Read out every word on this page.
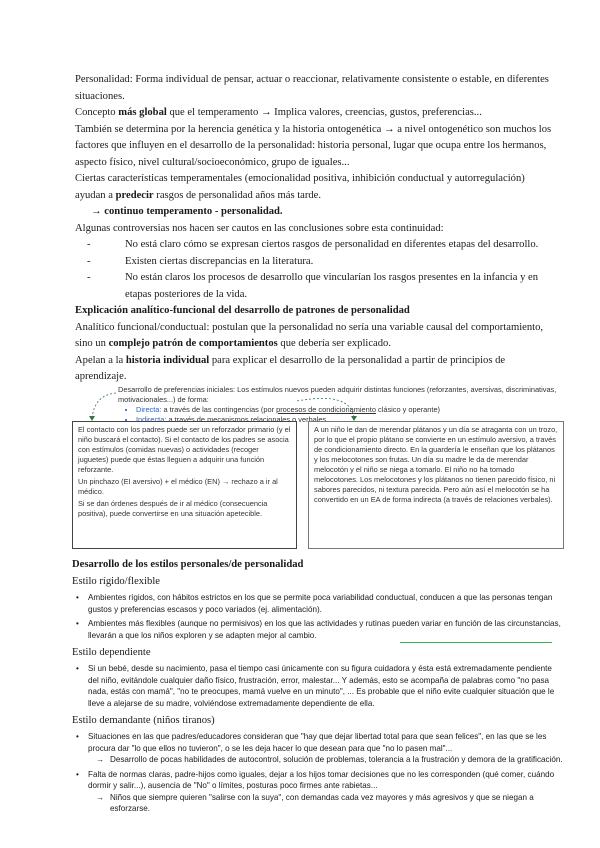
Personalidad: Forma individual de pensar, actuar o reaccionar, relativamente consistente o estable, en diferentes situaciones.

Concepto más global que el temperamento → Implica valores, creencias, gustos, preferencias...

También se determina por la herencia genética y la historia ontogenética → a nivel ontogenético son muchos los factores que influyen en el desarrollo de la personalidad: historia personal, lugar que ocupa entre los hermanos, aspecto físico, nivel cultural/socioeconómico, grupo de iguales...

Ciertas características temperamentales (emocionalidad positiva, inhibición conductual y autorregulación) ayudan a predecir rasgos de personalidad años más tarde.

→ continuo temperamento - personalidad.

Algunas controversias nos hacen ser cautos en las conclusiones sobre esta continuidad:

- No está claro cómo se expresan ciertos rasgos de personalidad en diferentes etapas del desarrollo.
- Existen ciertas discrepancias en la literatura.
- No están claros los procesos de desarrollo que vincularían los rasgos presentes en la infancia y en etapas posteriores de la vida.

Explicación analítico-funcional del desarrollo de patrones de personalidad

Analítico funcional/conductual: postulan que la personalidad no sería una variable causal del comportamiento, sino un complejo patrón de comportamientos que debería ser explicado.

Apelan a la historia individual para explicar el desarrollo de la personalidad a partir de principios de aprendizaje.

Desarrollo de preferencias iniciales: Los estímulos nuevos pueden adquirir distintas funciones (reforzantes, aversivas, discriminativas, motivacionales...) de forma:
▪ Directa: a través de las contingencias (por procesos de condicionamiento clásico y operante)
▪ Indirecta: a través de mecanismos relacionales o verbales.

El contacto con los padres puede ser un reforzador primario (y el niño buscará el contacto). Si el contacto de los padres se asocia con estímulos (comidas nuevas) o actividades (recoger juguetes) puede que éstas lleguen a adquirir una función reforzante.

Un pinchazo (EI aversivo) + el médico (EN) → rechazo a ir al médico.

Si se dan órdenes después de ir al médico (consecuencia positiva), puede convertirse en una situación apetecible.

A un niño le dan de merendar plátanos y un día se atraganta con un trozo, por lo que el propio plátano se convierte en un estímulo aversivo, a través de condicionamiento directo. En la guardería le enseñan que los plátanos y los melocotones son frutas. Un día su madre le da de merendar melocotón y el niño se niega a tomarlo. El niño no ha tomado melocotones. Los melocotones y los plátanos no tienen parecido físico, ni sabores parecidos, ni textura parecida. Pero aún así el melocotón se ha convertido en un EA de forma indirecta (a través de relaciones verbales).

Desarrollo de los estilos personales/de personalidad

Estilo rígido/flexible

• Ambientes rígidos, con hábitos estrictos en los que se permite poca variabilidad conductual, conducen a que las personas tengan gustos y preferencias escasos y poco variados (ej. alimentación).
• Ambientes más flexibles (aunque no permisivos) en los que las actividades y rutinas pueden variar en función de las circunstancias, llevarán a que los niños exploren y se adapten mejor al cambio.

Estilo dependiente

• Si un bebé, desde su nacimiento, pasa el tiempo casi únicamente con su figura cuidadora y ésta está extremadamente pendiente del niño, evitándole cualquier daño físico, frustración, error, malestar... Y además, esto se acompaña de palabras como "no pasa nada, estás con mamá", "no te preocupes, mamá vuelve en un minuto", ... Es probable que el niño evite cualquier situación que le lleve a alejarse de su madre, volviéndose extremadamente dependiente de ella.

Estilo demandante (niños tiranos)

• Situaciones en las que padres/educadores consideran que "hay que dejar libertad total para que sean felices", en las que se les procura dar "lo que ellos no tuvieron", o se les deja hacer lo que desean para que "no lo pasen mal"...
→ Desarrollo de pocas habilidades de autocontrol, solución de problemas, tolerancia a la frustración y demora de la gratificación.
• Falta de normas claras, padre-hijos como iguales, dejar a los hijos tomar decisiones que no les corresponden (qué comer, cuándo dormir y salir...), ausencia de "No" o límites, posturas poco firmes ante rabietas...
→ Niños que siempre quieren "salirse con la suya", con demandas cada vez mayores y más agresivos y que se niegan a esforzarse.
